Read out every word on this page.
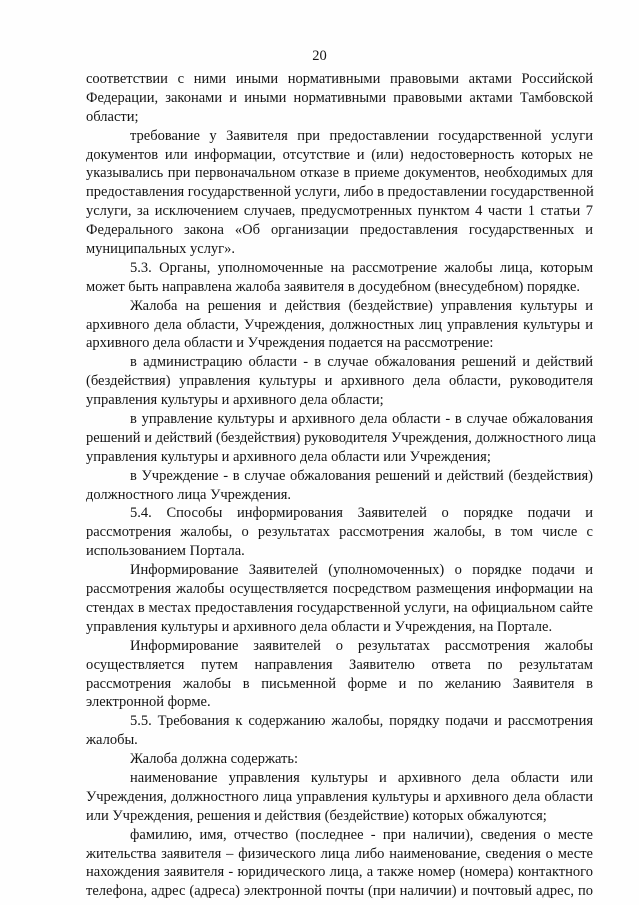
20
соответствии с ними иными нормативными правовыми актами Российской
Федерации, законами и иными нормативными правовыми актами Тамбовской
области;
требование у Заявителя при предоставлении государственной услуги
документов или информации, отсутствие и (или) недостоверность которых не
указывались при первоначальном отказе в приеме документов, необходимых для
предоставления государственной услуги, либо в предоставлении государственной
услуги, за исключением случаев, предусмотренных пунктом 4 части 1 статьи 7
Федерального закона «Об организации предоставления государственных и
муниципальных услуг».
5.3. Органы, уполномоченные на рассмотрение жалобы лица, которым
может быть направлена жалоба заявителя в досудебном (внесудебном) порядке.
Жалоба на решения и действия (бездействие) управления культуры и
архивного дела области, Учреждения, должностных лиц управления культуры и
архивного дела области и Учреждения подается на рассмотрение:
в администрацию области - в случае обжалования решений и действий
(бездействия) управления культуры и архивного дела области, руководителя
управления культуры и архивного дела области;
в управление культуры и архивного дела области - в случае обжалования
решений и действий (бездействия) руководителя Учреждения, должностного лица
управления культуры и архивного дела области или Учреждения;
в Учреждение - в случае обжалования решений и действий (бездействия)
должностного лица Учреждения.
5.4. Способы информирования Заявителей о порядке подачи и
рассмотрения жалобы, о результатах рассмотрения жалобы, в том числе с
использованием Портала.
Информирование Заявителей (уполномоченных) о порядке подачи и
рассмотрения жалобы осуществляется посредством размещения информации на
стендах в местах предоставления государственной услуги, на официальном сайте
управления культуры и архивного дела области и Учреждения, на Портале.
Информирование заявителей о результатах рассмотрения жалобы
осуществляется путем направления Заявителю ответа по результатам
рассмотрения жалобы в письменной форме и по желанию Заявителя в
электронной форме.
5.5. Требования к содержанию жалобы, порядку подачи и рассмотрения
жалобы.
Жалоба должна содержать:
наименование управления культуры и архивного дела области или
Учреждения, должностного лица управления культуры и архивного дела области
или Учреждения, решения и действия (бездействие) которых обжалуются;
фамилию, имя, отчество (последнее - при наличии), сведения о месте
жительства заявителя – физического лица либо наименование, сведения о месте
нахождения заявителя - юридического лица, а также номер (номера) контактного
телефона, адрес (адреса) электронной почты (при наличии) и почтовый адрес, по
